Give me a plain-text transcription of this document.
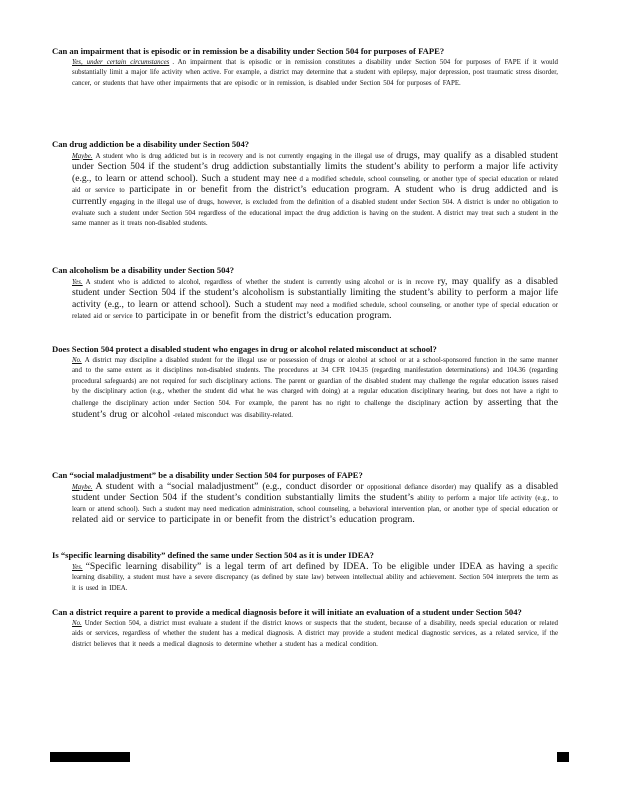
Can an impairment that is episodic or in remission be a disability under Section 504 for purposes of FAPE?

Yes, under certain circumstances . An impairment that is episodic or in remission constitutes a disability under Section 504 for purposes of FAPE if it would substantially limit a major life activity when active. For example, a district may determine that a student with epilepsy, major depression, post traumatic stress disorder, cancer, or students that have other impairments that are episodic or in remission, is disabled under Section 504 for purposes of FAPE.

Can drug addiction be a disability under Section 504?

Maybe. A student who is drug addicted but is in recovery and is not currently engaging in the illegal use of drugs, may qualify as a disabled student under Section 504 if the student’s drug addiction substantially limits the student’s ability to perform a major life activity (e.g., to learn or attend school). Such a student may nee d a modified schedule, school counseling, or another type of special education or related aid or service to participate in or benefit from the district’s education program. A student who is drug addicted and is currently engaging in the illegal use of drugs, however, is excluded from the definition of a disabled student under Section 504. A district is under no obligation to evaluate such a student under Section 504 regardless of the educational impact the drug addiction is having on the student. A district may treat such a student in the same manner as it treats non-disabled students.

Can alcoholism be a disability under Section 504?

Yes. A student who is addicted to alcohol, regardless of whether the student is currently using alcohol or is in recove ry, may qualify as a disabled student under Section 504 if the student’s alcoholism is substantially limiting the student’s ability to perform a major life activity (e.g., to learn or attend school). Such a student may need a modified schedule, school counseling, or another type of special education or related aid or service to participate in or benefit from the district’s education program.

Does Section 504 protect a disabled student who engages in drug or alcohol related misconduct at school?

No. A district may discipline a disabled student for the illegal use or possession of drugs or alcohol at school or at a school-sponsored function in the same manner and to the same extent as it disciplines non-disabled students. The procedures at 34 CFR 104.35 (regarding manifestation determinations) and 104.36 (regarding procedural safeguards) are not required for such disciplinary actions. The parent or guardian of the disabled student may challenge the regular education issues raised by the disciplinary action (e.g., whether the student did what he was charged with doing) at a regular education disciplinary hearing, but does not have a right to challenge the disciplinary action under Section 504. For example, the parent has no right to challenge the disciplinary action by asserting that the student’s drug or alcohol -related misconduct was disability-related.

Can “social maladjustment” be a disability under Section 504 for purposes of FAPE?

Maybe. A student with a “social maladjustment” (e.g., conduct disorder or oppositional defiance disorder) may qualify as a disabled student under Section 504 if the student’s condition substantially limits the student’s ability to perform a major life activity (e.g., to learn or attend school). Such a student may need medication administration, school counseling, a behavioral intervention plan, or another type of special education or related aid or service to participate in or benefit from the district’s education program.

Is “specific learning disability” defined the same under Section 504 as it is under IDEA?

Yes. “Specific learning disability” is a legal term of art defined by IDEA. To be eligible under IDEA as having a specific learning disability, a student must have a severe discrepancy (as defined by state law) between intellectual ability and achievement. Section 504 interprets the term as it is used in IDEA.

Can a district require a parent to provide a medical diagnosis before it will initiate an evaluation of a student under Section 504?

No. Under Section 504, a district must evaluate a student if the district knows or suspects that the student, because of a disability, needs special education or related aids or services, regardless of whether the student has a medical diagnosis. A district may provide a student medical diagnostic services, as a related service, if the district believes that it needs a medical diagnosis to determine whether a student has a medical condition.
